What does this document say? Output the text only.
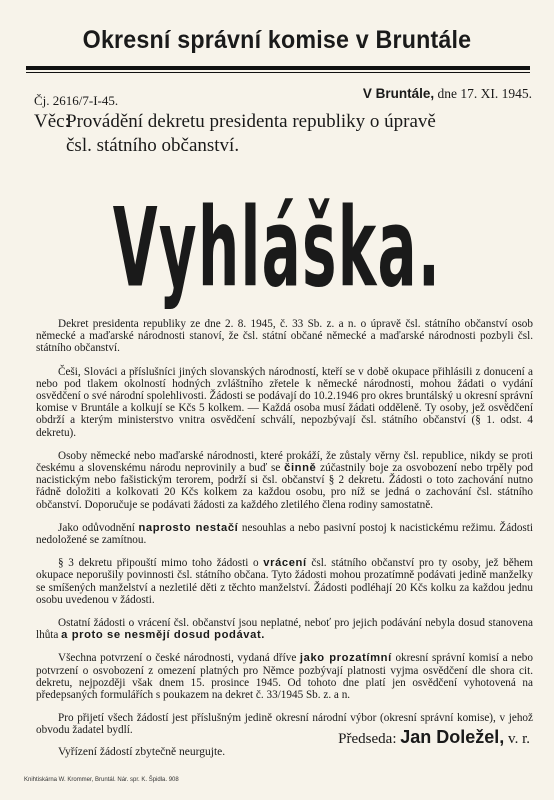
Okresní správní komise v Bruntále
Čj. 2616/7-I-45.	V Bruntále, dne 17. XI. 1945.
Věc:Provádění dekretu presidenta republiky o úpravě
čsl. státního občanství.
Vyhláška.

Dekret presidenta republiky ze dne 2. 8. 1945, č. 33 Sb. z. a n. o úpravě čsl. státního občanství osob německé a maďarské národnosti stanoví, že čsl. státní občané německé a maďarské národnosti pozbyli čsl. státního občanství.

Češi, Slováci a příslušníci jiných slovanských národností, kteří se v době okupace přihlásili z donucení a nebo pod tlakem okolností hodných zvláštního zřetele k německé národnosti, mohou žádati o vydání osvědčení o své národní spolehlivosti. Žádosti se podávají do 10.2.1946 pro okres bruntálský u okresní správní komise v Bruntále a kolkují se Kčs 5 kolkem. — Každá osoba musí žádati odděleně. Ty osoby, jež osvědčení obdrží a kterým ministerstvo vnitra osvědčení schválí, nepozbývají čsl. státního občanství (§ 1. odst. 4 dekretu).

Osoby německé nebo maďarské národnosti, které prokáží, že zůstaly věrny čsl. republice, nikdy se proti českému a slovenskému národu neprovinily a buď se činně zúčastnily boje za osvobození nebo trpěly pod nacistickým nebo fašistickým terorem, podrží si čsl. občanství § 2 dekretu. Žádosti o toto zachování nutno řádně doložiti a kolkovati 20 Kčs kolkem za každou osobu, pro níž se jedná o zachování čsl. státního občanství. Doporučuje se podávati žádosti za každého zletilého člena rodiny samostatně.

Jako odůvodnění naprosto nestačí nesouhlas a nebo pasivní postoj k nacistickému režimu. Žádosti nedoložené se zamítnou.

§ 3 dekretu připouští mimo toho žádosti o vrácení čsl. státního občanství pro ty osoby, jež během okupace neporušily povinnosti čsl. státního občana. Tyto žádosti mohou prozatímně podávati jedině manželky se smíšených manželství a nezletilé děti z těchto manželství. Žádosti podléhají 20 Kčs kolku za každou jednu osobu uvedenou v žádosti.

Ostatní žádosti o vrácení čsl. občanství jsou neplatné, neboť pro jejich podávání nebyla dosud stanovena lhůta a proto se nesmějí dosud podávat.

Všechna potvrzení o české národnosti, vydaná dříve jako prozatímní okresní správní komisí a nebo potvrzení o osvobození z omezení platných pro Němce pozbývají platnosti vyjma osvědčení dle shora cit. dekretu, nejpozději však dnem 15. prosince 1945. Od tohoto dne platí jen osvědčení vyhotovená na předepsaných formulářích s poukazem na dekret č. 33/1945 Sb. z. a n.

Pro přijetí všech žádostí jest příslušným jedině okresní národní výbor (okresní správní komise), v jehož obvodu žadatel bydlí.

Vyřízení žádostí zbytečně neurgujte.
Předseda: Jan Doležel, v. r.
Knihtiskárna W. Krommer, Bruntál. Nár. spr. K. Špidla. 908
